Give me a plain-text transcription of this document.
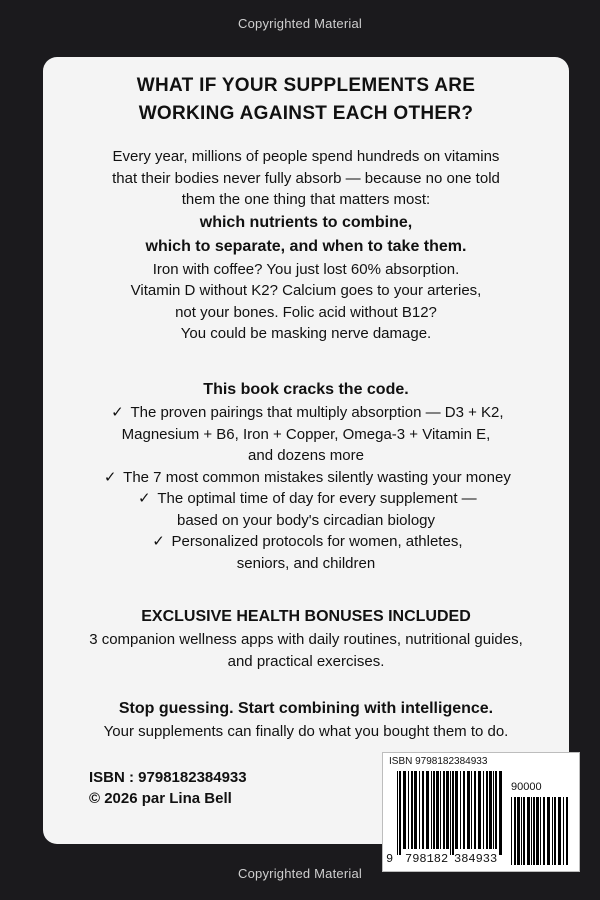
Copyrighted Material
WHAT IF YOUR SUPPLEMENTS ARE
WORKING AGAINST EACH OTHER?
Every year, millions of people spend hundreds on vitamins
that their bodies never fully absorb — because no one told
them the one thing that matters most:
which nutrients to combine,
which to separate, and when to take them.
Iron with coffee? You just lost 60% absorption.
Vitamin D without K2? Calcium goes to your arteries,
not your bones. Folic acid without B12?
You could be masking nerve damage.
This book cracks the code.
✓ The proven pairings that multiply absorption — D3 + K2,
Magnesium + B6, Iron + Copper, Omega-3 + Vitamin E,
and dozens more
✓ The 7 most common mistakes silently wasting your money
✓ The optimal time of day for every supplement —
based on your body's circadian biology
✓ Personalized protocols for women, athletes,
seniors, and children
EXCLUSIVE HEALTH BONUSES INCLUDED
3 companion wellness apps with daily routines, nutritional guides,
and practical exercises.
Stop guessing. Start combining with intelligence.
Your supplements can finally do what you bought them to do.
ISBN : 9798182384933
© 2026 par Lina Bell
ISBN 9798182384933
90000
9 798182 384933
Copyrighted Material
